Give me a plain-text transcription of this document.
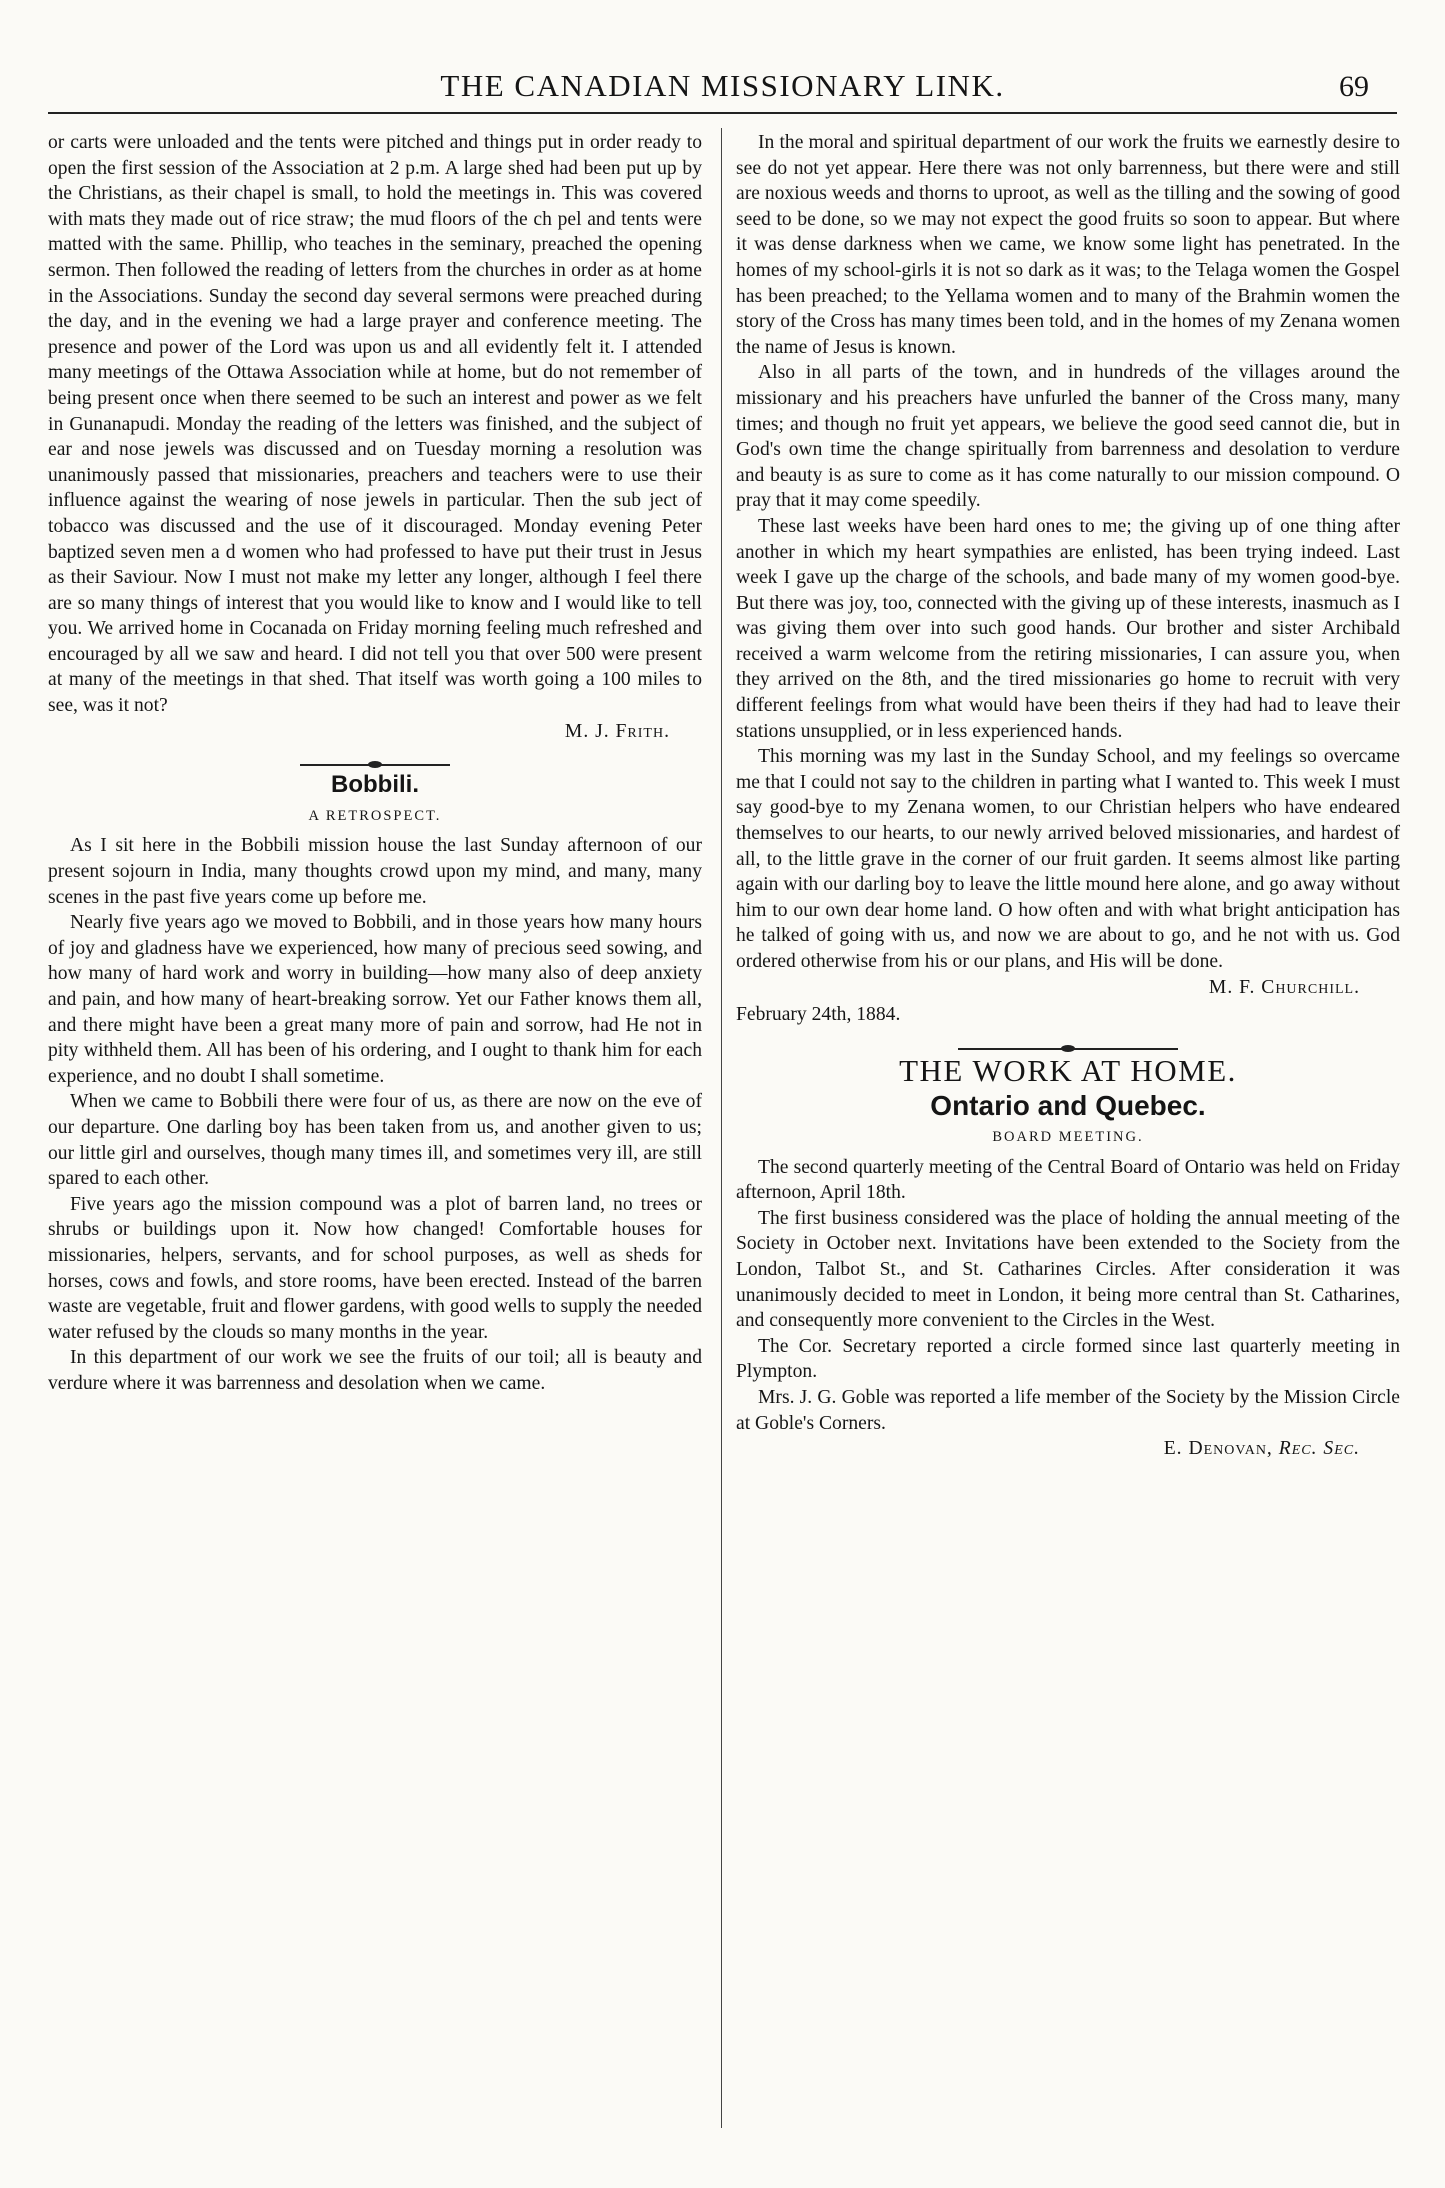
THE CANADIAN MISSIONARY LINK.	69

or carts were unloaded and the tents were pitched and things put in order ready to open the first session of the Association at 2 p.m. A large shed had been put up by the Christians, as their chapel is small, to hold the meetings in. This was covered with mats they made out of rice straw; the mud floors of the ch pel and tents were matted with the same. Phillip, who teaches in the seminary, preached the opening sermon. Then followed the reading of letters from the churches in order as at home in the Associations. Sunday the second day several sermons were preached during the day, and in the evening we had a large prayer and conference meeting. The presence and power of the Lord was upon us and all evidently felt it. I attended many meetings of the Ottawa Association while at home, but do not remember of being present once when there seemed to be such an interest and power as we felt in Gunanapudi. Monday the reading of the letters was finished, and the subject of ear and nose jewels was discussed and on Tuesday morning a resolution was unanimously passed that missionaries, preachers and teachers were to use their influence against the wearing of nose jewels in particular. Then the sub ject of tobacco was discussed and the use of it discouraged. Monday evening Peter baptized seven men a d women who had professed to have put their trust in Jesus as their Saviour. Now I must not make my letter any longer, although I feel there are so many things of interest that you would like to know and I would like to tell you. We arrived home in Cocanada on Friday morning feeling much refreshed and encouraged by all we saw and heard. I did not tell you that over 500 were present at many of the meetings in that shed. That itself was worth going a 100 miles to see, was it not?

M. J. Frith.
Bobbili.
A RETROSPECT.

As I sit here in the Bobbili mission house the last Sunday afternoon of our present sojourn in India, many thoughts crowd upon my mind, and many, many scenes in the past five years come up before me.

Nearly five years ago we moved to Bobbili, and in those years how many hours of joy and gladness have we experienced, how many of precious seed sowing, and how many of hard work and worry in building—how many also of deep anxiety and pain, and how many of heart-breaking sorrow. Yet our Father knows them all, and there might have been a great many more of pain and sorrow, had He not in pity withheld them. All has been of his ordering, and I ought to thank him for each experience, and no doubt I shall sometime.

When we came to Bobbili there were four of us, as there are now on the eve of our departure. One darling boy has been taken from us, and another given to us; our little girl and ourselves, though many times ill, and sometimes very ill, are still spared to each other.

Five years ago the mission compound was a plot of barren land, no trees or shrubs or buildings upon it. Now how changed! Comfortable houses for missionaries, helpers, servants, and for school purposes, as well as sheds for horses, cows and fowls, and store rooms, have been erected. Instead of the barren waste are vegetable, fruit and flower gardens, with good wells to supply the needed water refused by the clouds so many months in the year.

In this department of our work we see the fruits of our toil; all is beauty and verdure where it was barrenness and desolation when we came.

In the moral and spiritual department of our work the fruits we earnestly desire to see do not yet appear. Here there was not only barrenness, but there were and still are noxious weeds and thorns to uproot, as well as the tilling and the sowing of good seed to be done, so we may not expect the good fruits so soon to appear. But where it was dense darkness when we came, we know some light has penetrated. In the homes of my school-girls it is not so dark as it was; to the Telaga women the Gospel has been preached; to the Yellama women and to many of the Brahmin women the story of the Cross has many times been told, and in the homes of my Zenana women the name of Jesus is known.

Also in all parts of the town, and in hundreds of the villages around the missionary and his preachers have unfurled the banner of the Cross many, many times; and though no fruit yet appears, we believe the good seed cannot die, but in God's own time the change spiritually from barrenness and desolation to verdure and beauty is as sure to come as it has come naturally to our mission compound. O pray that it may come speedily.

These last weeks have been hard ones to me; the giving up of one thing after another in which my heart sympathies are enlisted, has been trying indeed. Last week I gave up the charge of the schools, and bade many of my women good-bye. But there was joy, too, connected with the giving up of these interests, inasmuch as I was giving them over into such good hands. Our brother and sister Archibald received a warm welcome from the retiring missionaries, I can assure you, when they arrived on the 8th, and the tired missionaries go home to recruit with very different feelings from what would have been theirs if they had had to leave their stations unsupplied, or in less experienced hands.

This morning was my last in the Sunday School, and my feelings so overcame me that I could not say to the children in parting what I wanted to. This week I must say good-bye to my Zenana women, to our Christian helpers who have endeared themselves to our hearts, to our newly arrived beloved missionaries, and hardest of all, to the little grave in the corner of our fruit garden. It seems almost like parting again with our darling boy to leave the little mound here alone, and go away without him to our own dear home land. O how often and with what bright anticipation has he talked of going with us, and now we are about to go, and he not with us. God ordered otherwise from his or our plans, and His will be done.

M. F. Churchill.

February 24th, 1884.

THE WORK AT HOME.
Ontario and Quebec.
BOARD MEETING.

The second quarterly meeting of the Central Board of Ontario was held on Friday afternoon, April 18th.

The first business considered was the place of holding the annual meeting of the Society in October next. Invitations have been extended to the Society from the London, Talbot St., and St. Catharines Circles. After consideration it was unanimously decided to meet in London, it being more central than St. Catharines, and consequently more convenient to the Circles in the West.

The Cor. Secretary reported a circle formed since last quarterly meeting in Plympton.

Mrs. J. G. Goble was reported a life member of the Society by the Mission Circle at Goble's Corners.

E. Denovan, Rec. Sec.
